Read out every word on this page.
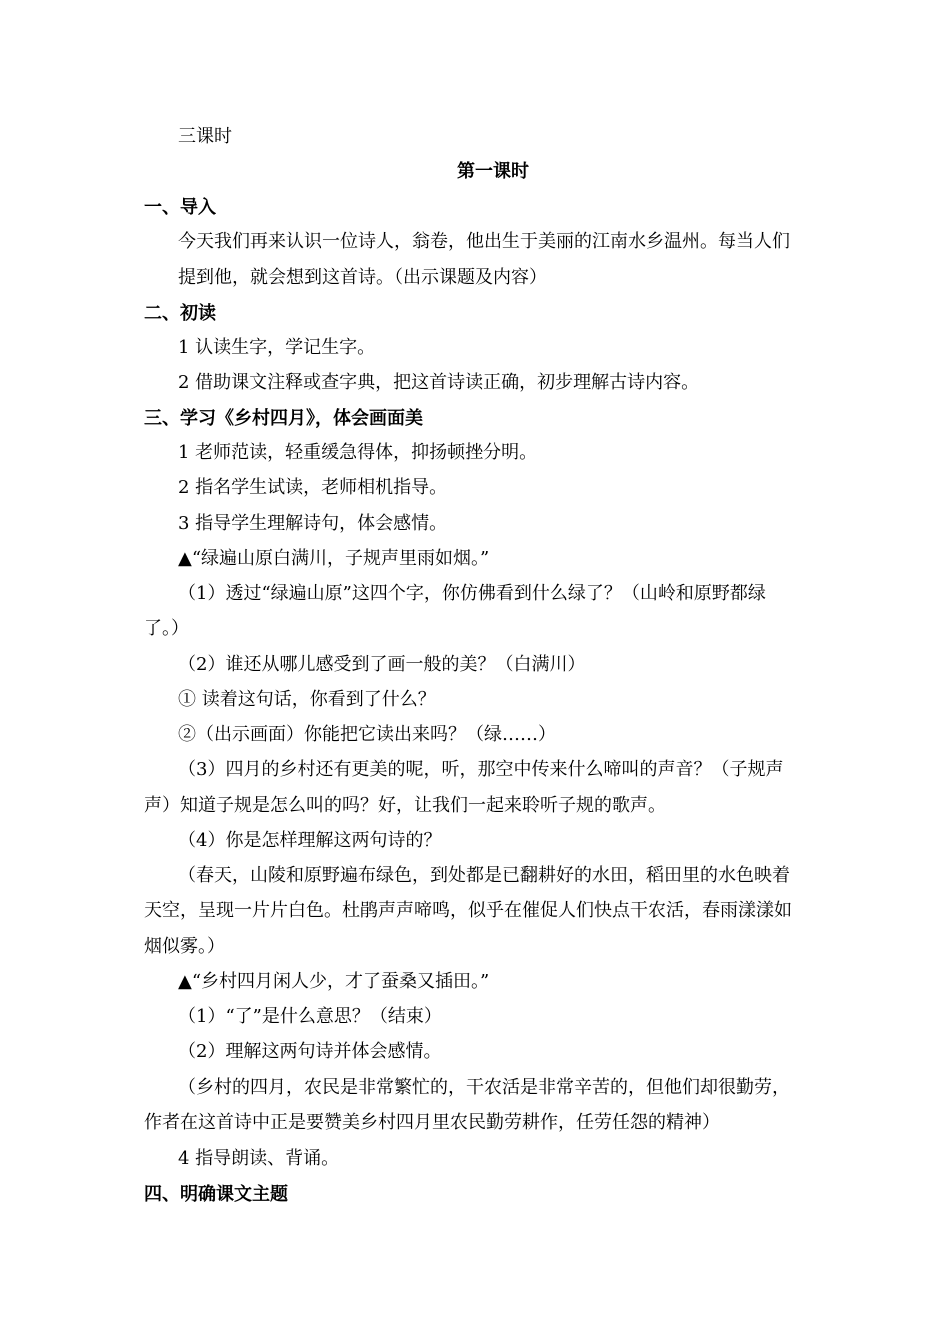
三课时
第一课时
一、导入
今天我们再来认识一位诗人，翁卷，他出生于美丽的江南水乡温州。每当人们
提到他，就会想到这首诗。（出示课题及内容）
二、初读
1 认读生字，学记生字。
2 借助课文注释或查字典，把这首诗读正确，初步理解古诗内容。
三、学习《乡村四月》，体会画面美
1 老师范读，轻重缓急得体，抑扬顿挫分明。
2 指名学生试读，老师相机指导。
3 指导学生理解诗句，体会感情。
▲“绿遍山原白满川，子规声里雨如烟。”
（1）透过“绿遍山原”这四个字，你仿佛看到什么绿了？（山岭和原野都绿
了。）
（2）谁还从哪儿感受到了画一般的美？（白满川）
① 读着这句话，你看到了什么？
②（出示画面）你能把它读出来吗？（绿……）
（3）四月的乡村还有更美的呢，听，那空中传来什么啼叫的声音？（子规声
声）知道子规是怎么叫的吗？好，让我们一起来聆听子规的歌声。
（4）你是怎样理解这两句诗的？
（春天，山陵和原野遍布绿色，到处都是已翻耕好的水田，稻田里的水色映着
天空，呈现一片片白色。杜鹃声声啼鸣，似乎在催促人们快点干农活，春雨漾漾如
烟似雾。）
▲“乡村四月闲人少，才了蚕桑又插田。”
（1）“了”是什么意思？（结束）
（2）理解这两句诗并体会感情。
（乡村的四月，农民是非常繁忙的，干农活是非常辛苦的，但他们却很勤劳，
作者在这首诗中正是要赞美乡村四月里农民勤劳耕作，任劳任怨的精神）
4 指导朗读、背诵。
四、明确课文主题
